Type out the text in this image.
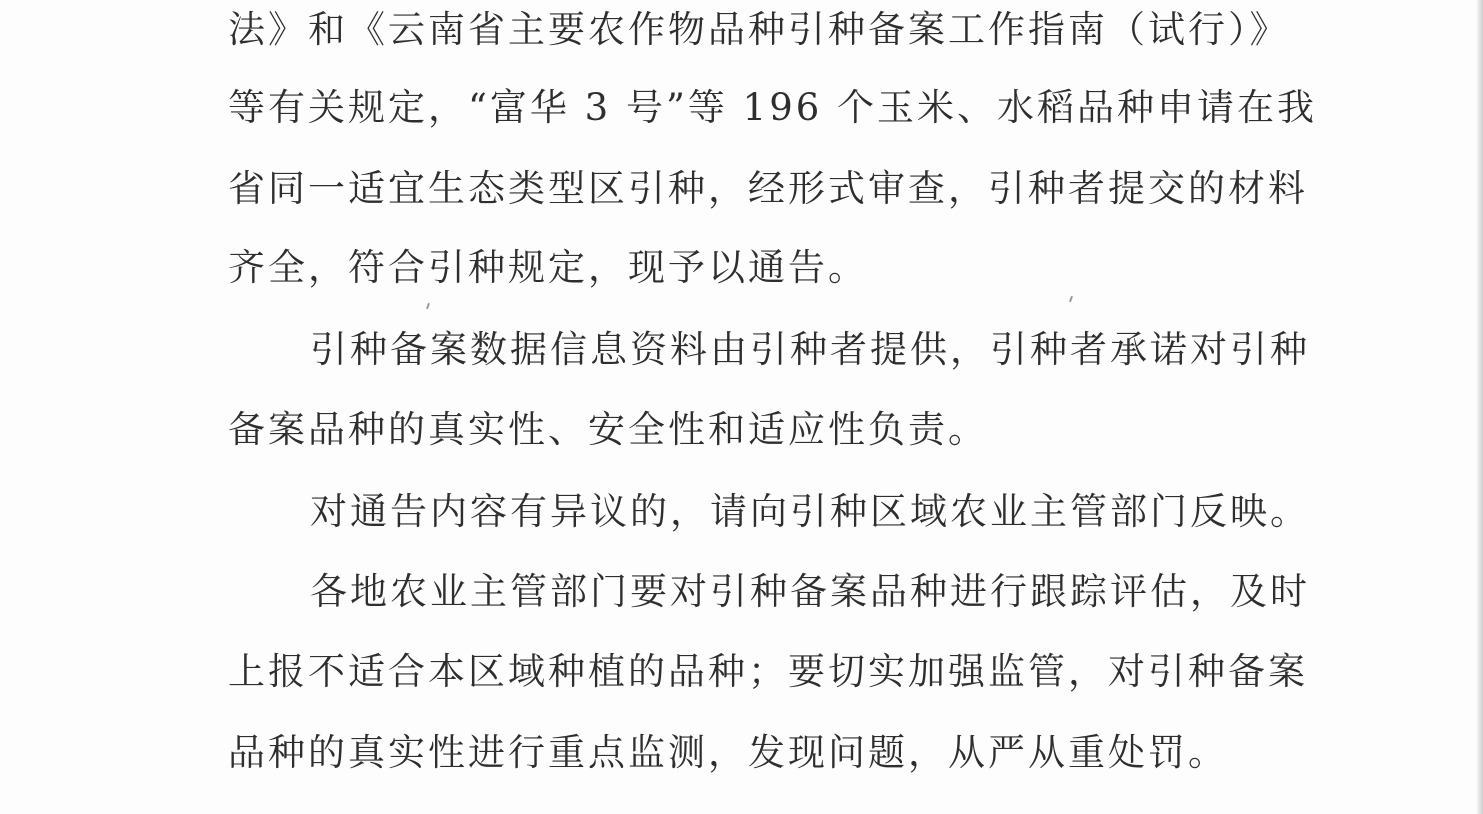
法》和《云南省主要农作物品种引种备案工作指南（试行）》
等有关规定，“富华 3 号”等 196 个玉米、水稻品种申请在我
省同一适宜生态类型区引种，经形式审查，引种者提交的材料
齐全，符合引种规定，现予以通告。
引种备案数据信息资料由引种者提供，引种者承诺对引种
备案品种的真实性、安全性和适应性负责。
对通告内容有异议的，请向引种区域农业主管部门反映。
各地农业主管部门要对引种备案品种进行跟踪评估，及时
上报不适合本区域种植的品种；要切实加强监管，对引种备案
品种的真实性进行重点监测，发现问题，从严从重处罚。
